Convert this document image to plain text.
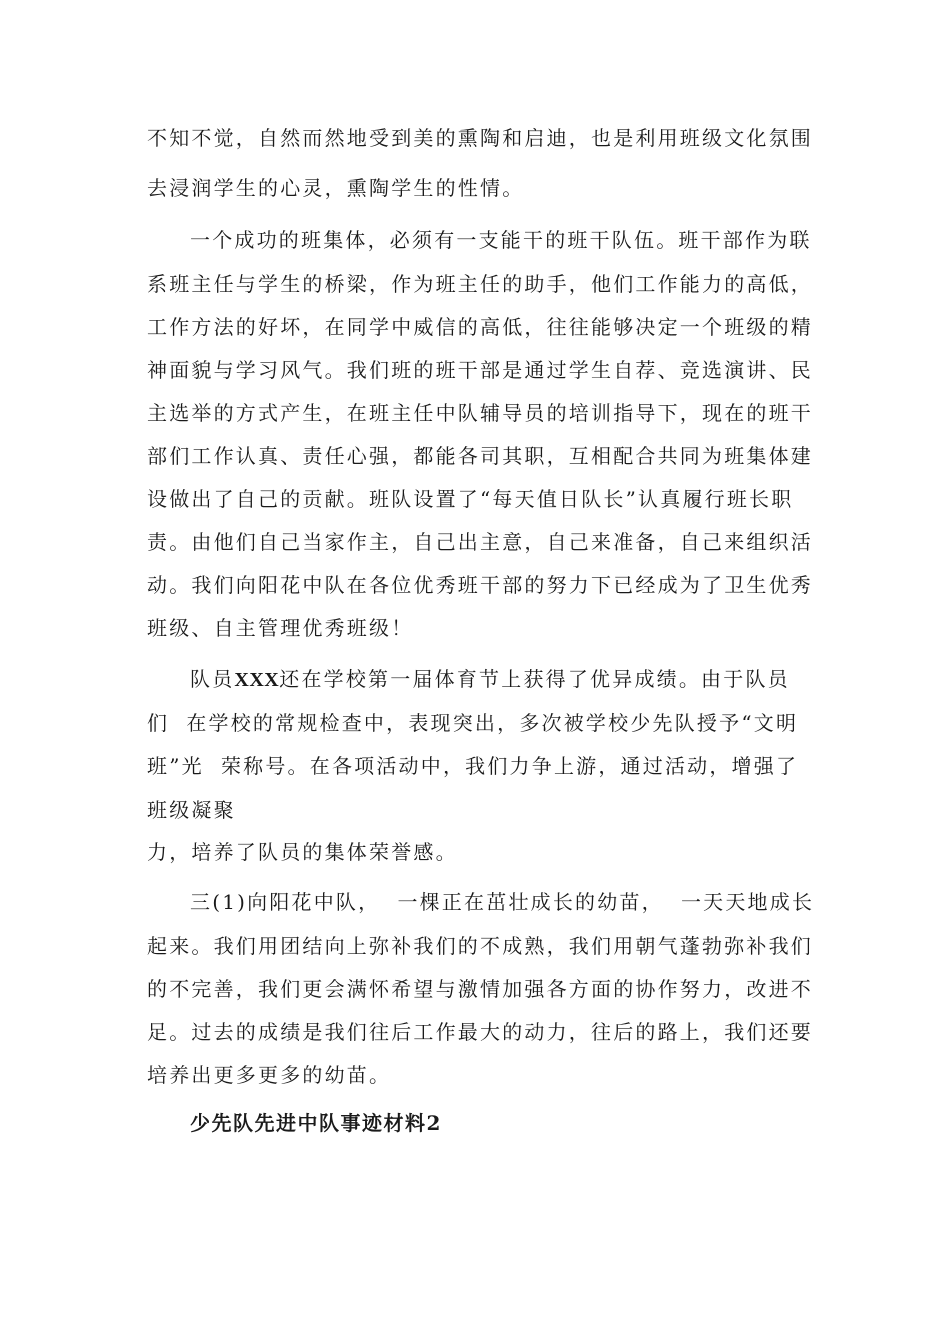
不知不觉，自然而然地受到美的熏陶和启迪，也是利用班级文化氛围
去浸润学生的心灵，熏陶学生的性情。
一个成功的班集体，必须有一支能干的班干队伍。班干部作为联
系班主任与学生的桥梁，作为班主任的助手，他们工作能力的高低，
工作方法的好坏，在同学中威信的高低，往往能够决定一个班级的精
神面貌与学习风气。我们班的班干部是通过学生自荐、竞选演讲、民
主选举的方式产生，在班主任中队辅导员的培训指导下，现在的班干
部们工作认真、责任心强，都能各司其职，互相配合共同为班集体建
设做出了自己的贡献。班队设置了“每天值日队长”认真履行班长职
责。由他们自己当家作主，自己出主意，自己来准备，自己来组织活
动。我们向阳花中队在各位优秀班干部的努力下已经成为了卫生优秀
班级、自主管理优秀班级！
队员XXX还在学校第一届体育节上获得了优异成绩。由于队员
们  在学校的常规检查中，表现突出，多次被学校少先队授予“文明
班”光  荣称号。在各项活动中，我们力争上游，通过活动，增强了
班级凝聚
力，培养了队员的集体荣誉感。
三(1)向阳花中队，  一棵正在茁壮成长的幼苗，  一天天地成长
起来。我们用团结向上弥补我们的不成熟，我们用朝气蓬勃弥补我们
的不完善，我们更会满怀希望与激情加强各方面的协作努力，改进不
足。过去的成绩是我们往后工作最大的动力，往后的路上，我们还要
培养出更多更多的幼苗。
少先队先进中队事迹材料2
